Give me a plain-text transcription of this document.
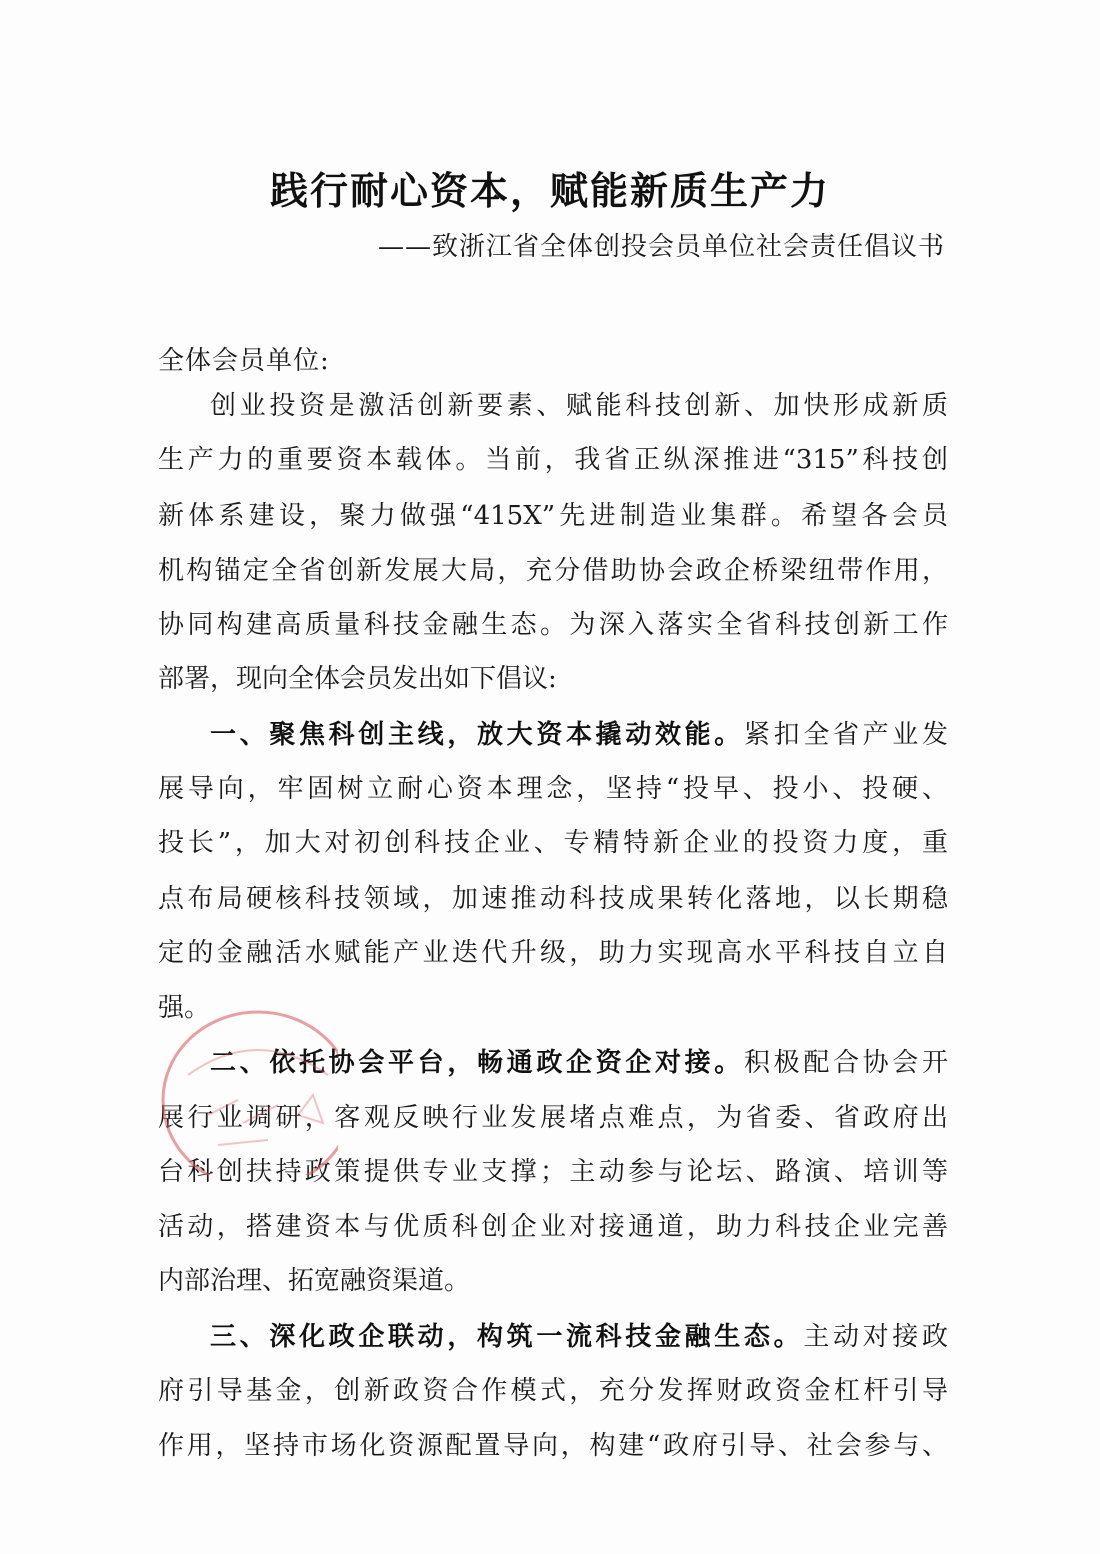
践行耐心资本，赋能新质生产力
——致浙江省全体创投会员单位社会责任倡议书
全体会员单位:
创业投资是激活创新要素、赋能科技创新、加快形成新质
生产力的重要资本载体。当前，我省正纵深推进“315”科技创
新体系建设，聚力做强“415X”先进制造业集群。希望各会员
机构锚定全省创新发展大局，充分借助协会政企桥梁纽带作用，
协同构建高质量科技金融生态。为深入落实全省科技创新工作
部署，现向全体会员发出如下倡议:
一、聚焦科创主线，放大资本撬动效能。紧扣全省产业发
展导向，牢固树立耐心资本理念，坚持“投早、投小、投硬、
投长”，加大对初创科技企业、专精特新企业的投资力度，重
点布局硬核科技领域，加速推动科技成果转化落地，以长期稳
定的金融活水赋能产业迭代升级，助力实现高水平科技自立自
强。
二、依托协会平台，畅通政企资企对接。积极配合协会开
展行业调研，客观反映行业发展堵点难点，为省委、省政府出
台科创扶持政策提供专业支撑；主动参与论坛、路演、培训等
活动，搭建资本与优质科创企业对接通道，助力科技企业完善
内部治理、拓宽融资渠道。
三、深化政企联动，构筑一流科技金融生态。主动对接政
府引导基金，创新政资合作模式，充分发挥财政资金杠杆引导
作用，坚持市场化资源配置导向，构建“政府引导、社会参与、
